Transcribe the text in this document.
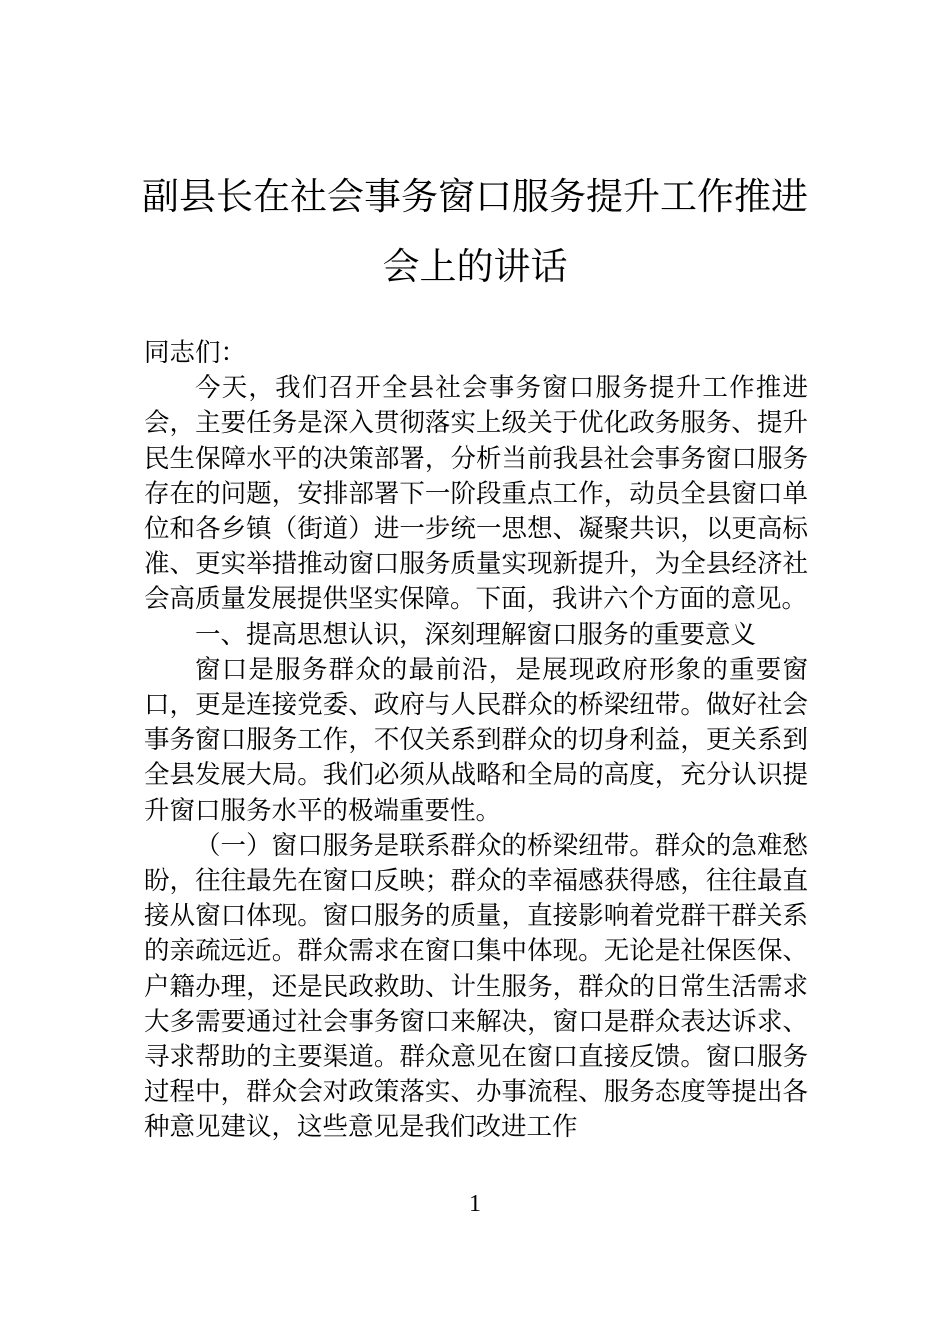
副县长在社会事务窗口服务提升工作推进
会上的讲话

同志们：

今天，我们召开全县社会事务窗口服务提升工作推进会，主要任务是深入贯彻落实上级关于优化政务服务、提升民生保障水平的决策部署，分析当前我县社会事务窗口服务存在的问题，安排部署下一阶段重点工作，动员全县窗口单位和各乡镇（街道）进一步统一思想、凝聚共识，以更高标准、更实举措推动窗口服务质量实现新提升，为全县经济社会高质量发展提供坚实保障。下面，我讲六个方面的意见。

一、提高思想认识，深刻理解窗口服务的重要意义

窗口是服务群众的最前沿，是展现政府形象的重要窗口，更是连接党委、政府与人民群众的桥梁纽带。做好社会事务窗口服务工作，不仅关系到群众的切身利益，更关系到全县发展大局。我们必须从战略和全局的高度，充分认识提升窗口服务水平的极端重要性。

（一）窗口服务是联系群众的桥梁纽带。群众的急难愁盼，往往最先在窗口反映；群众的幸福感获得感，往往最直接从窗口体现。窗口服务的质量，直接影响着党群干群关系的亲疏远近。群众需求在窗口集中体现。无论是社保医保、户籍办理，还是民政救助、计生服务，群众的日常生活需求大多需要通过社会事务窗口来解决，窗口是群众表达诉求、寻求帮助的主要渠道。群众意见在窗口直接反馈。窗口服务过程中，群众会对政策落实、办事流程、服务态度等提出各种意见建议，这些意见是我们改进工作

1
